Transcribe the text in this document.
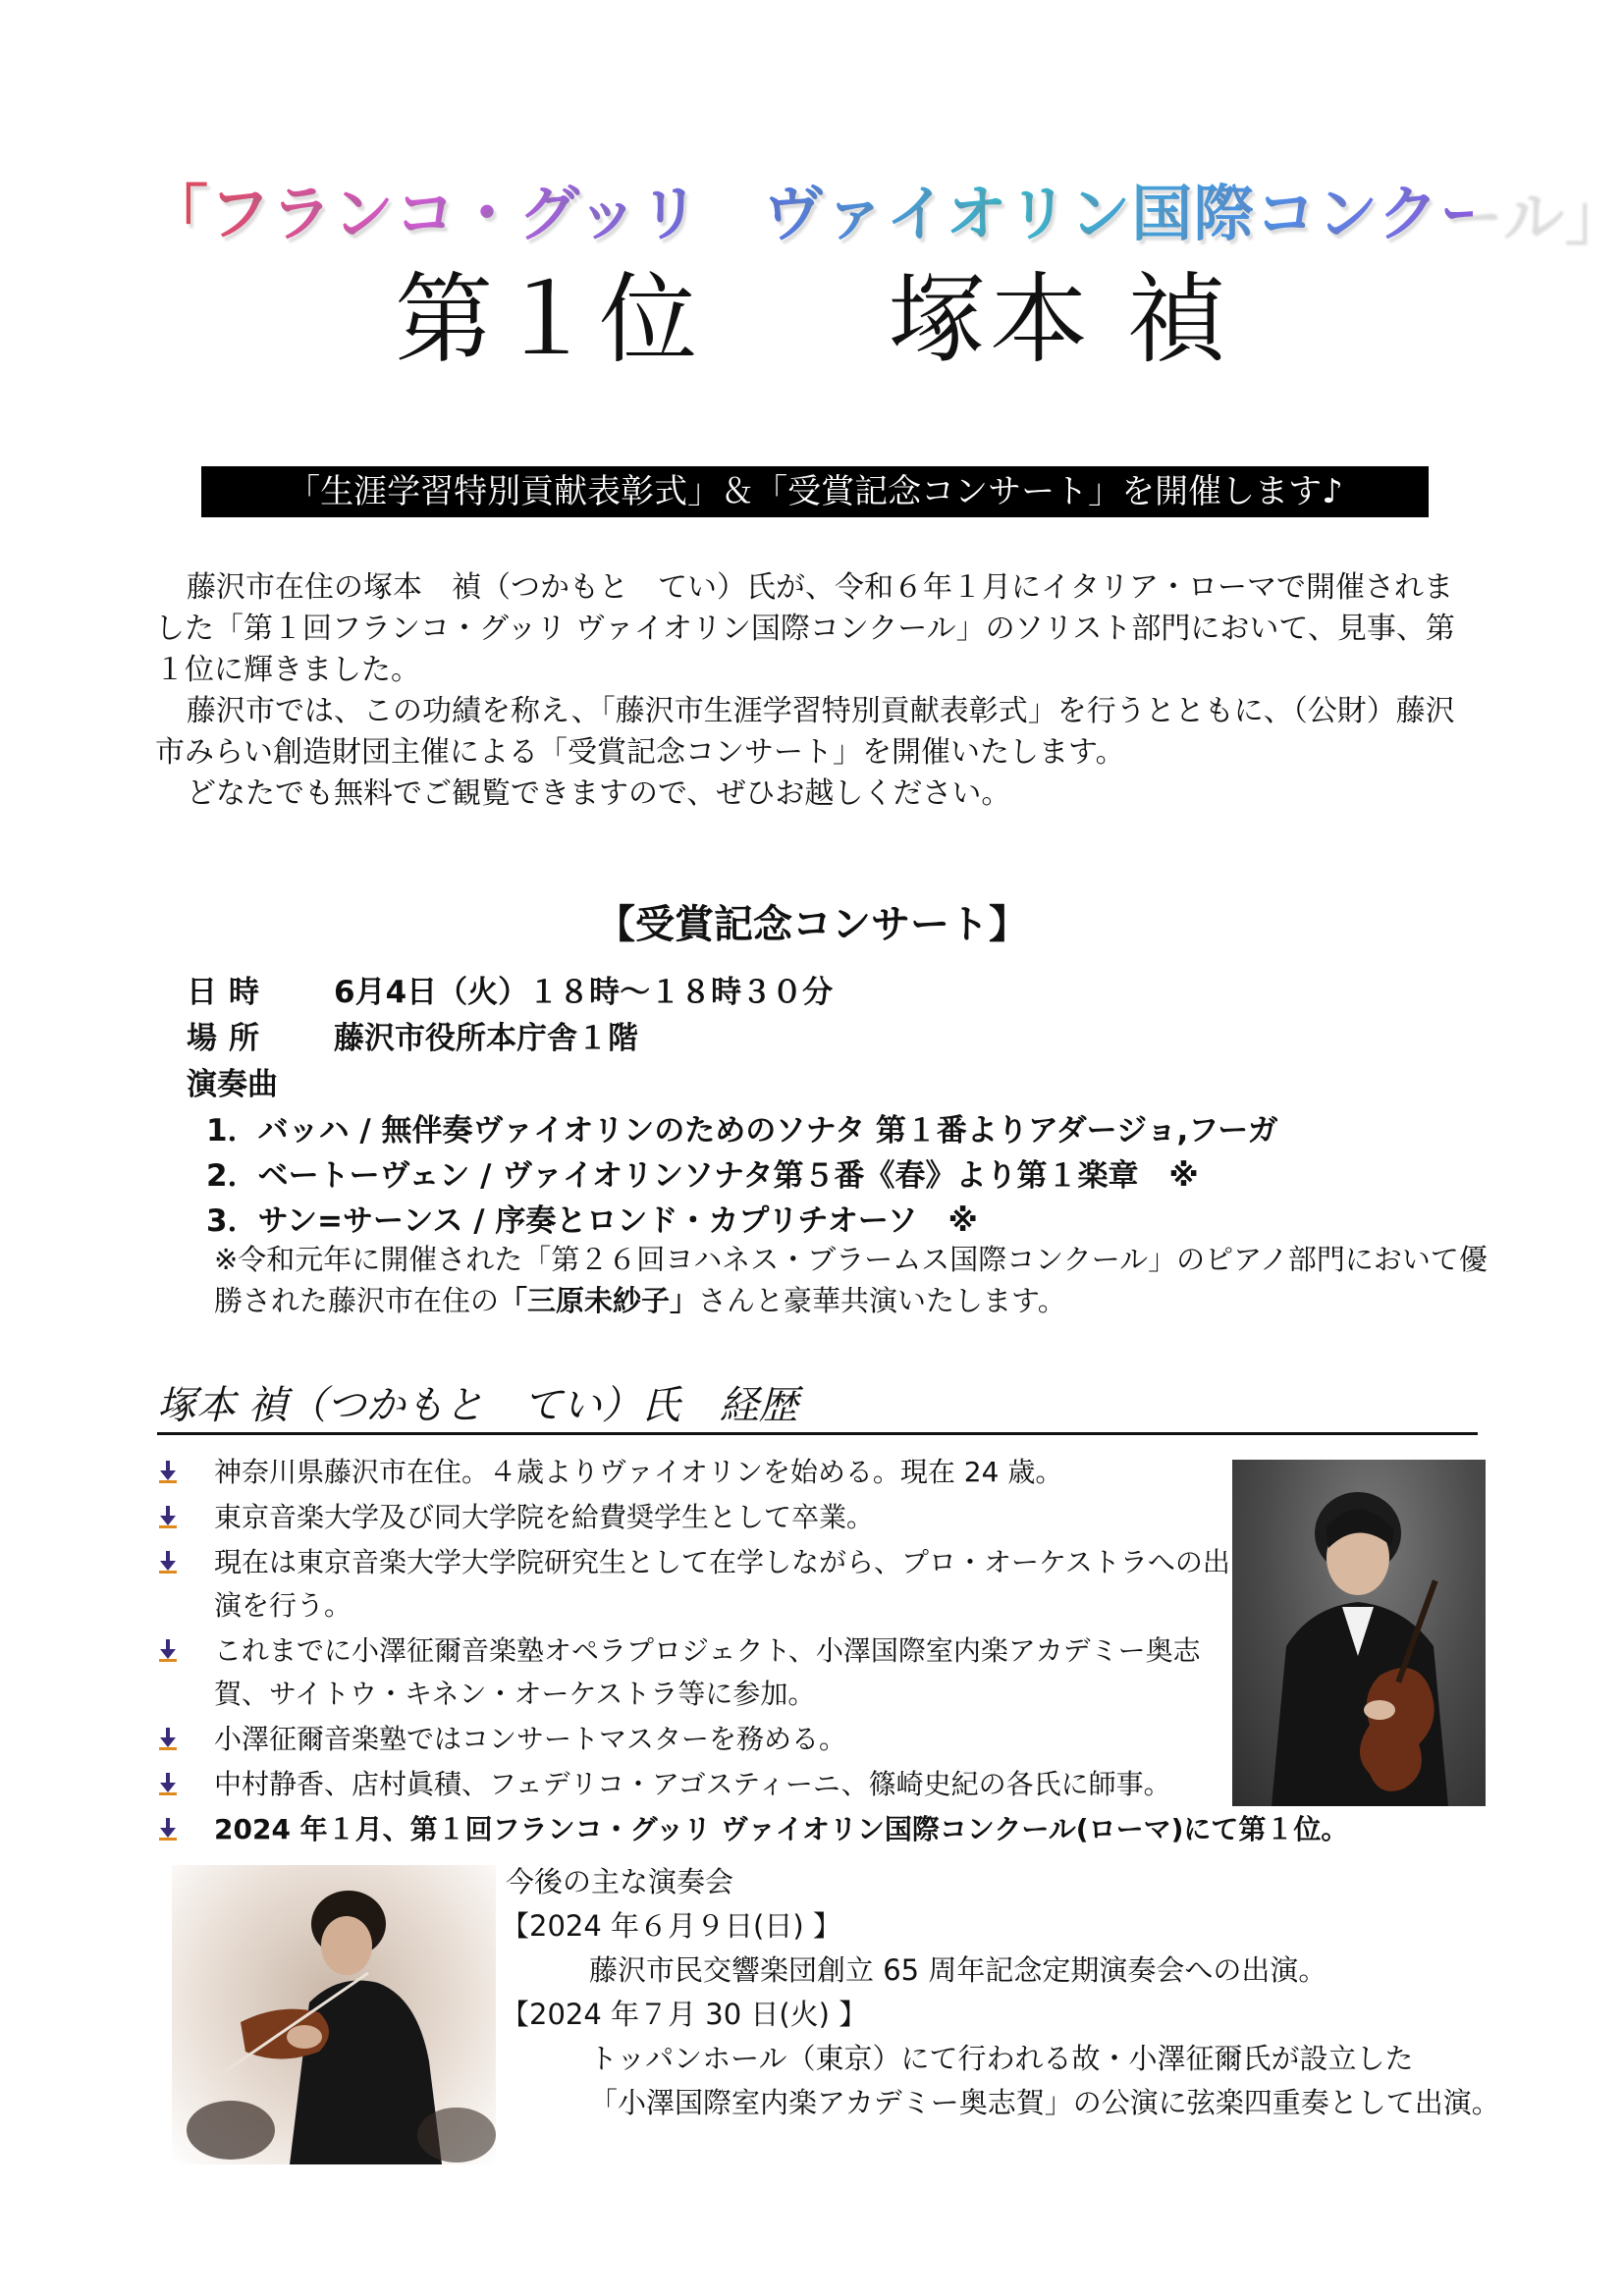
「フランコ・グッリ　ヴァイオリン国際コンクール」
第１位 塚本 禎
「生涯学習特別貢献表彰式」＆「受賞記念コンサート」を開催します♪

藤沢市在住の塚本　禎（つかもと　てい）氏が、令和６年１月にイタリア・ローマで開催されました「第１回フランコ・グッリ ヴァイオリン国際コンクール」のソリスト部門において、見事、第１位に輝きました。

藤沢市では、この功績を称え、「藤沢市生涯学習特別貢献表彰式」を行うとともに、（公財）藤沢市みらい創造財団主催による「受賞記念コンサート」を開催いたします。

どなたでも無料でご観覧できますので、ぜひお越しください。

【受賞記念コンサート】
日時 6月4日（火）１８時～１８時３０分
場所 藤沢市役所本庁舎１階
演奏曲
1．バッハ / 無伴奏ヴァイオリンのためのソナタ 第１番よりアダージョ,フーガ
2．ベートーヴェン / ヴァイオリンソナタ第５番《春》より第１楽章　※
3．サン=サーンス / 序奏とロンド・カプリチオーソ　※
※令和元年に開催された「第２６回ヨハネス・ブラームス国際コンクール」のピアノ部門において優勝された藤沢市在住の「三原未紗子」さんと豪華共演いたします。
塚本 禎（つかもと　てい）氏　経歴
神奈川県藤沢市在住。４歳よりヴァイオリンを始める。現在 24 歳。
東京音楽大学及び同大学院を給費奨学生として卒業。
現在は東京音楽大学大学院研究生として在学しながら、プロ・オーケストラへの出演を行う。
これまでに小澤征爾音楽塾オペラプロジェクト、小澤国際室内楽アカデミー奥志賀、サイトウ・キネン・オーケストラ等に参加。
小澤征爾音楽塾ではコンサートマスターを務める。
中村静香、店村眞積、フェデリコ・アゴスティーニ、篠崎史紀の各氏に師事。
2024 年１月、第１回フランコ・グッリ ヴァイオリン国際コンクール(ローマ)にて第１位。
今後の主な演奏会
【2024 年６月９日(日) 】
藤沢市民交響楽団創立 65 周年記念定期演奏会への出演。
【2024 年７月 30 日(火) 】
トッパンホール（東京）にて行われる故・小澤征爾氏が設立した
「小澤国際室内楽アカデミー奥志賀」の公演に弦楽四重奏として出演。
